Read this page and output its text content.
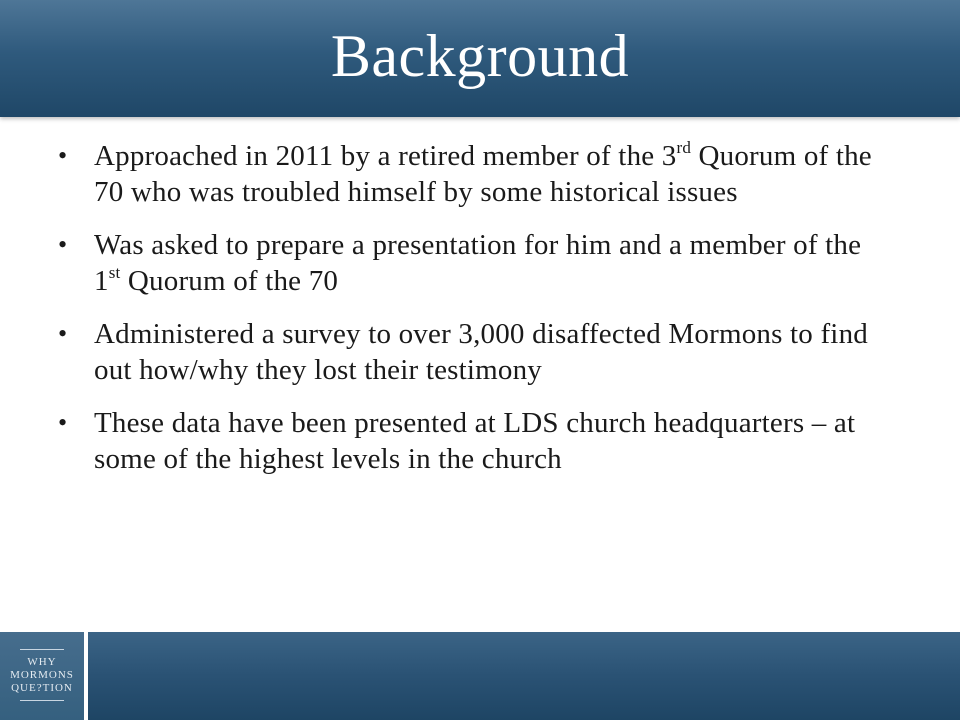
Background
• Approached in 2011 by a retired member of the 3rd Quorum of the 70 who was troubled himself by some historical issues
• Was asked to prepare a presentation for him and a member of the 1st Quorum of the 70
• Administered a survey to over 3,000 disaffected Mormons to find out how/why they lost their testimony
• These data have been presented at LDS church headquarters – at some of the highest levels in the church
WHY
MORMONS
QUE?TION
